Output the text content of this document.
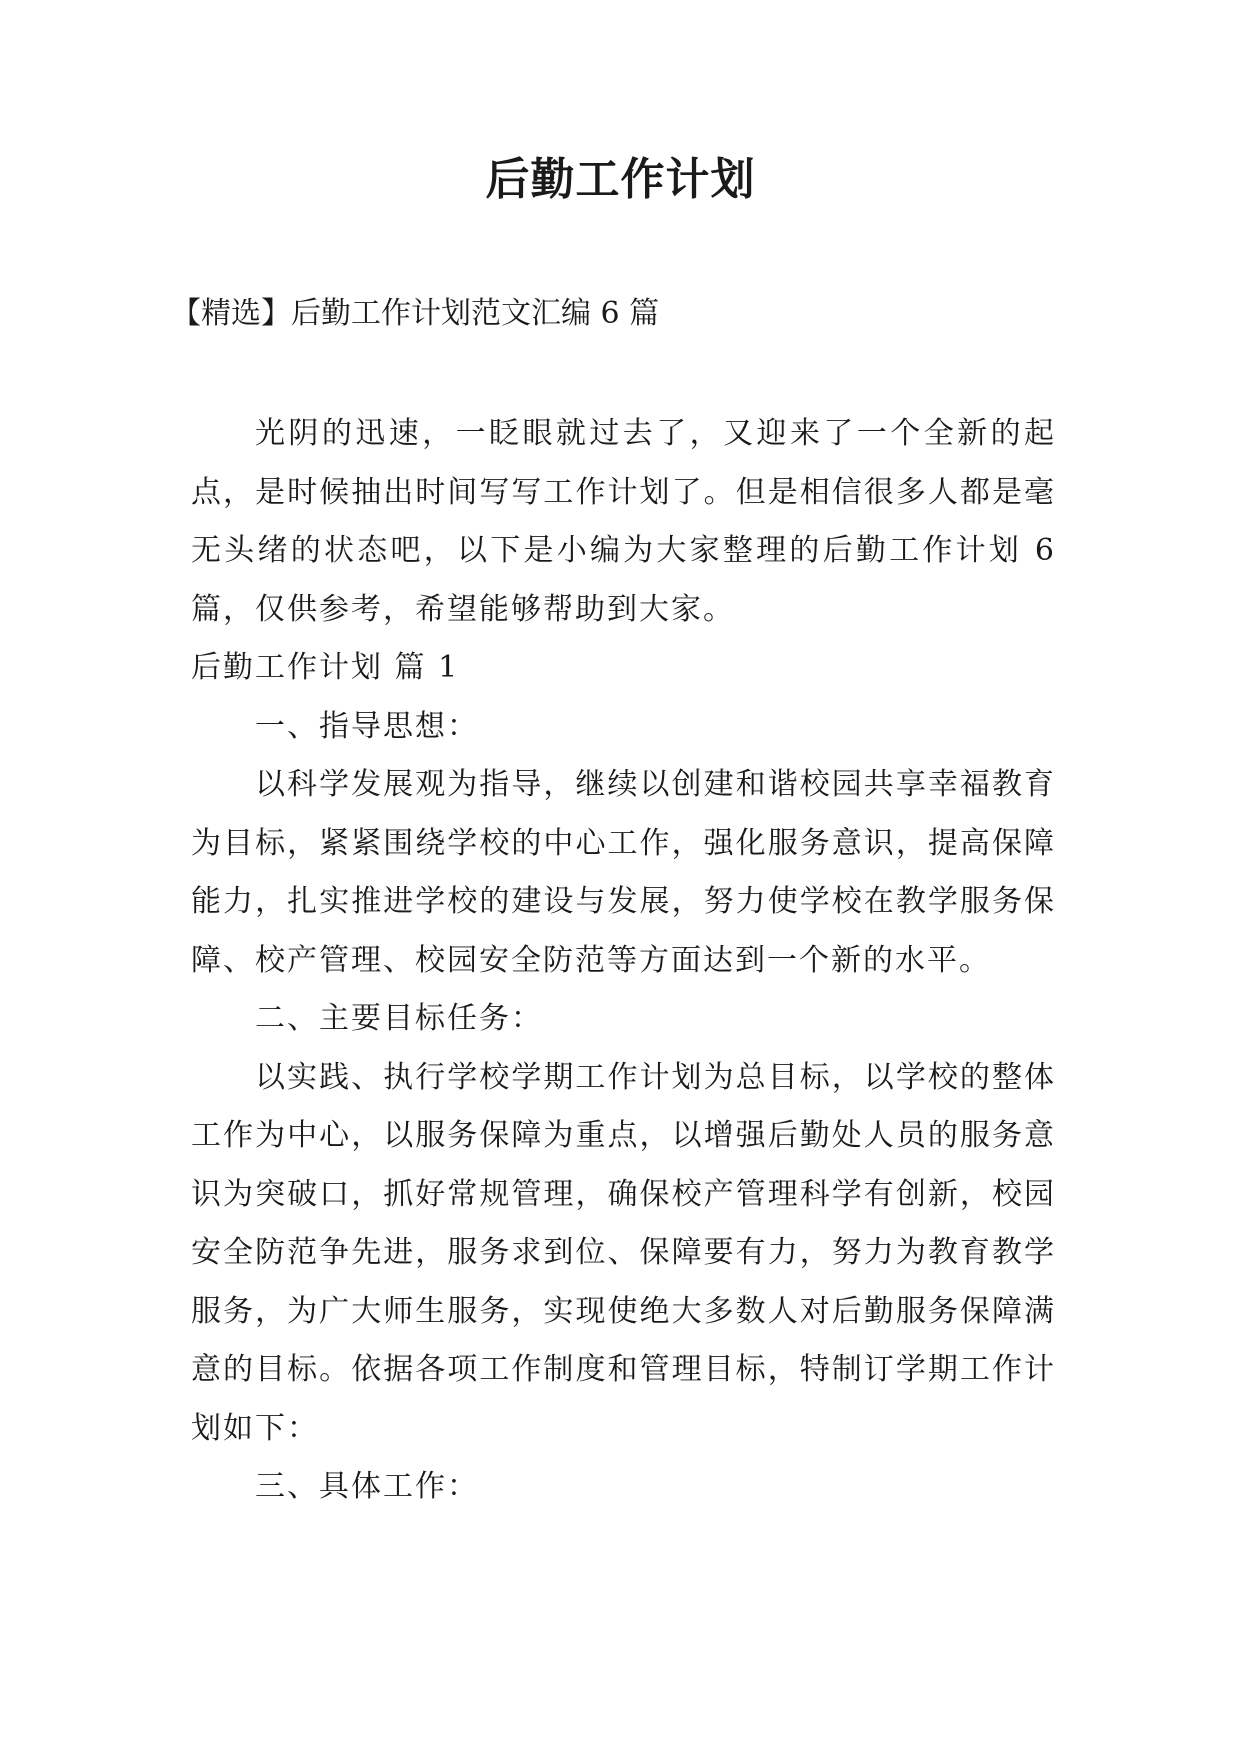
后勤工作计划

【精选】后勤工作计划范文汇编 6 篇

光阴的迅速，一眨眼就过去了，又迎来了一个全新的起点，是时候抽出时间写写工作计划了。但是相信很多人都是毫无头绪的状态吧，以下是小编为大家整理的后勤工作计划 6 篇，仅供参考，希望能够帮助到大家。

后勤工作计划 篇 1

一、指导思想：

以科学发展观为指导，继续以创建和谐校园共享幸福教育为目标，紧紧围绕学校的中心工作，强化服务意识，提高保障能力，扎实推进学校的建设与发展，努力使学校在教学服务保障、校产管理、校园安全防范等方面达到一个新的水平。

二、主要目标任务：

以实践、执行学校学期工作计划为总目标，以学校的整体工作为中心，以服务保障为重点，以增强后勤处人员的服务意识为突破口，抓好常规管理，确保校产管理科学有创新，校园安全防范争先进，服务求到位、保障要有力，努力为教育教学服务，为广大师生服务，实现使绝大多数人对后勤服务保障满意的目标。依据各项工作制度和管理目标，特制订学期工作计划如下：

三、具体工作：
